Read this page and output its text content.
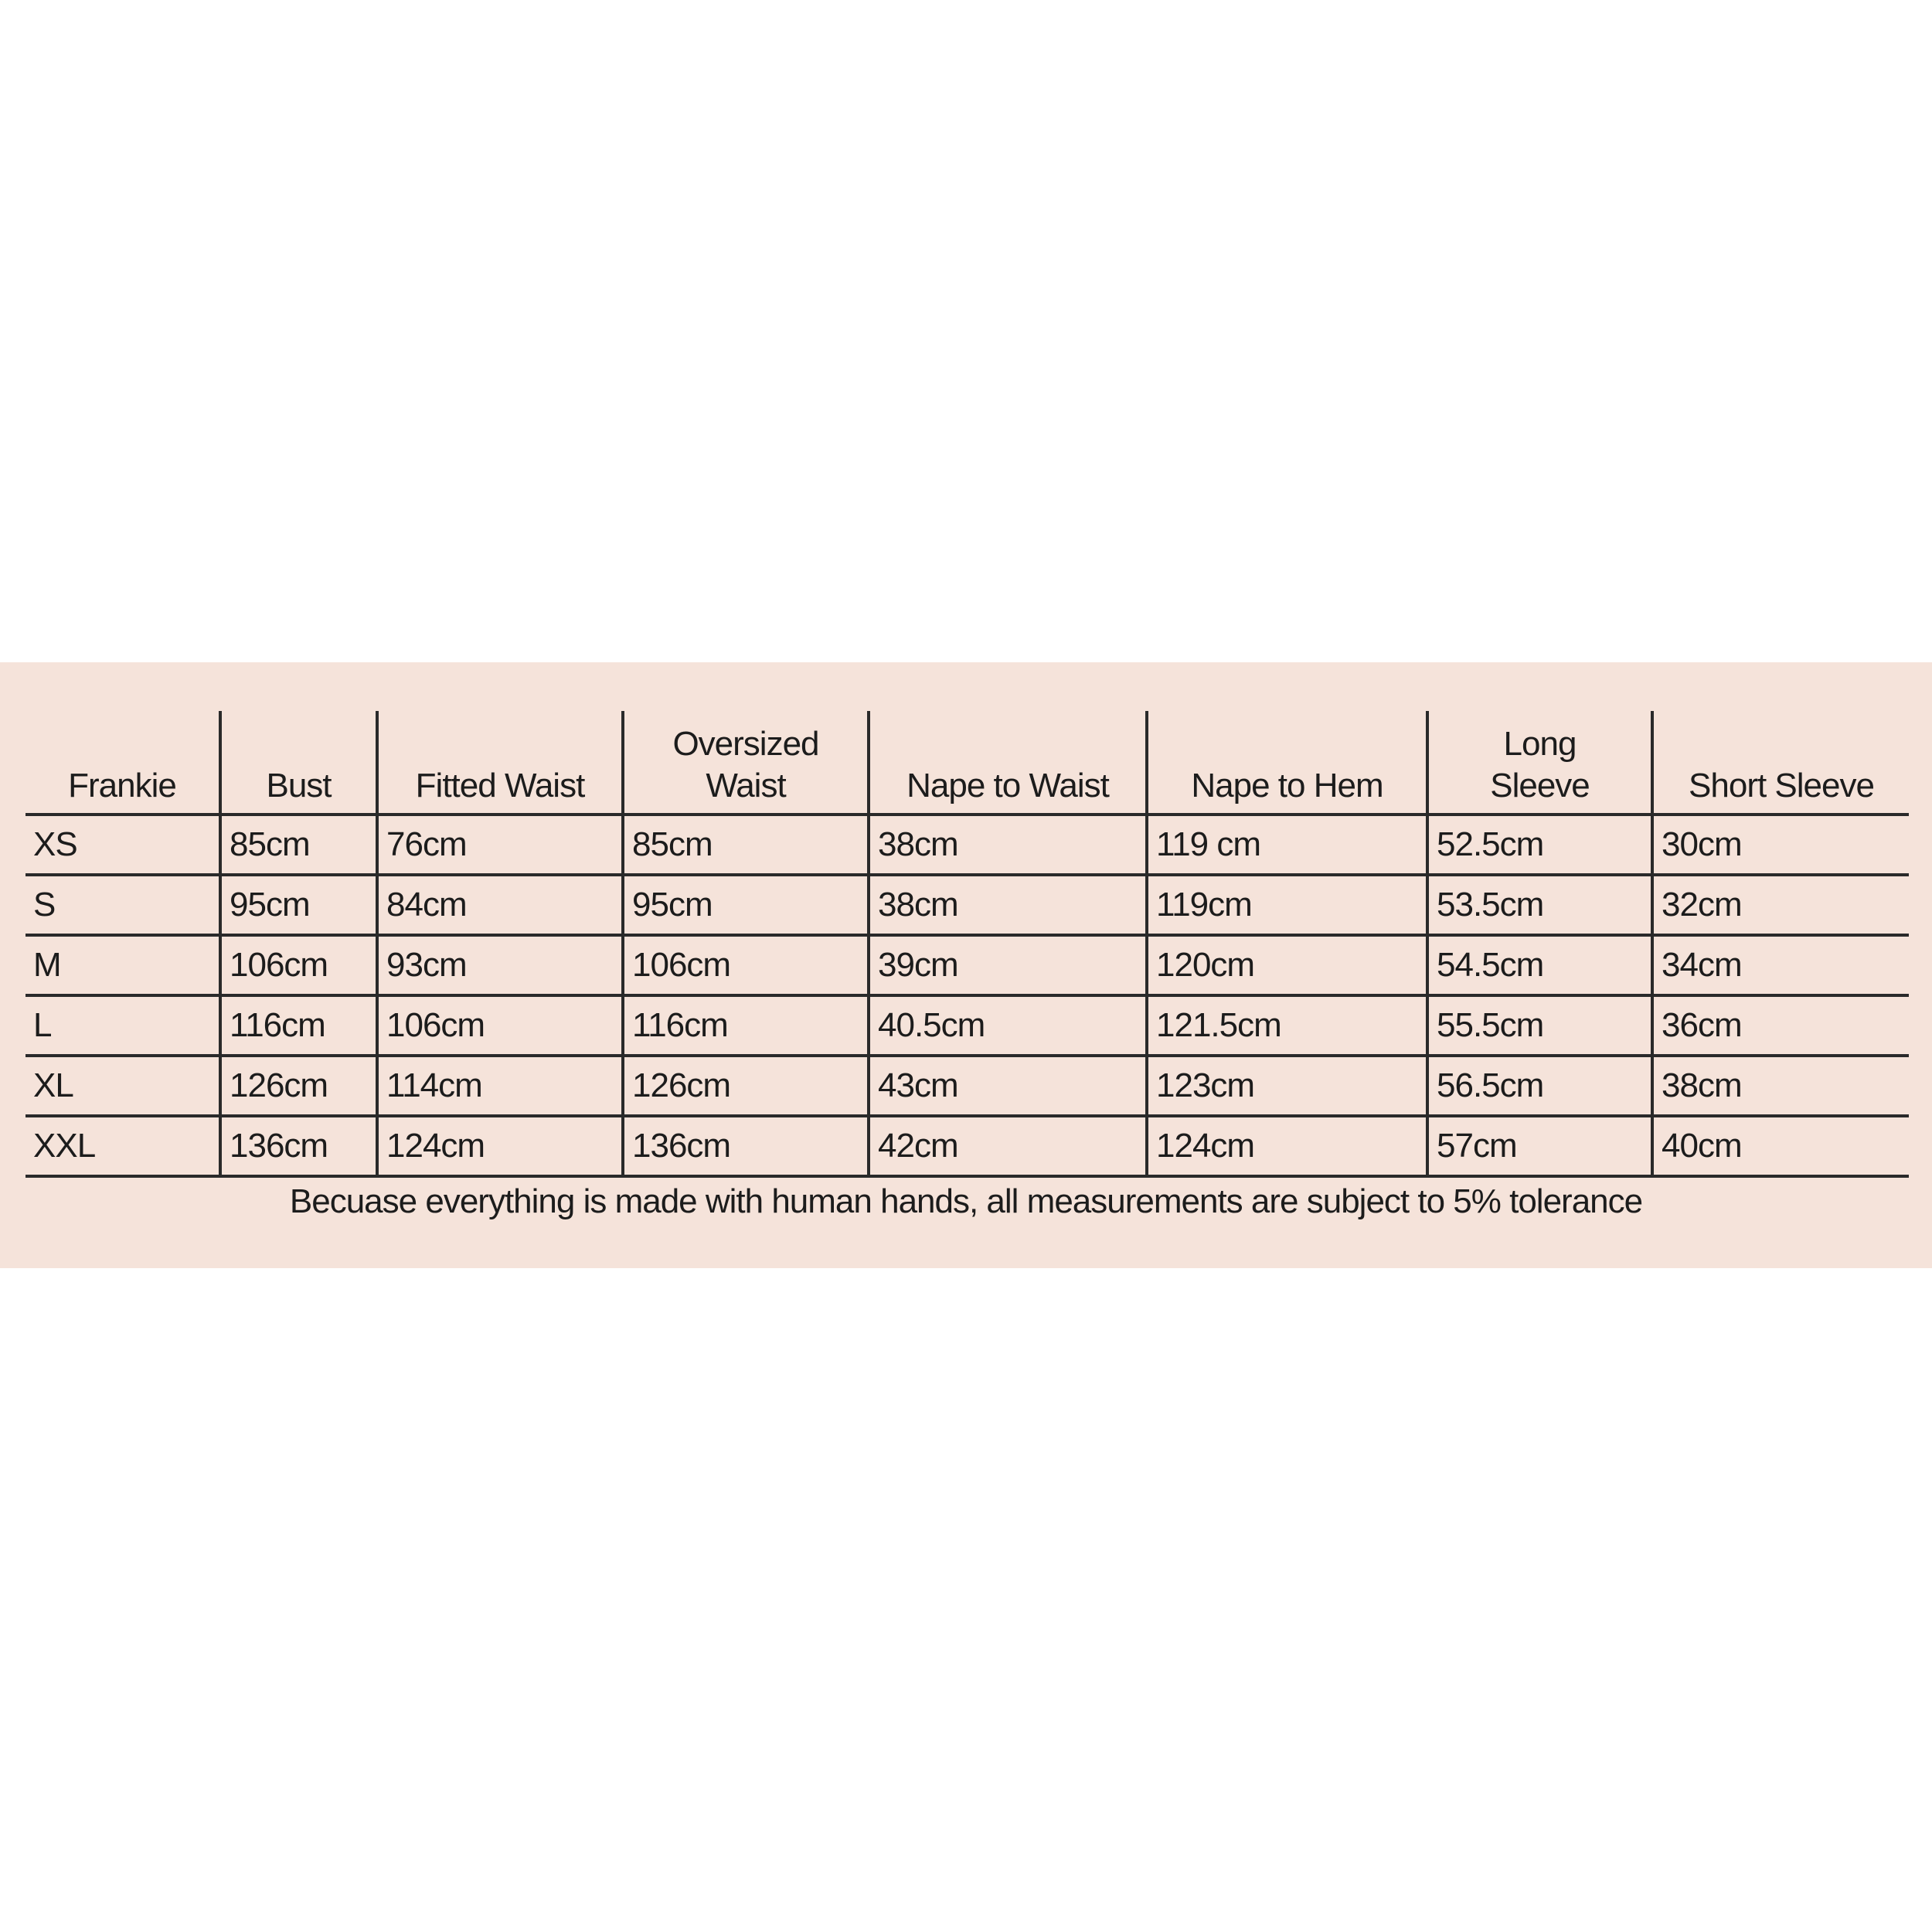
Frankie	Bust	Fitted Waist	Oversized Waist	Nape to Waist	Nape to Hem	Long Sleeve	Short Sleeve
XS	85cm	76cm	85cm	38cm	119 cm	52.5cm	30cm
S	95cm	84cm	95cm	38cm	119cm	53.5cm	32cm
M	106cm	93cm	106cm	39cm	120cm	54.5cm	34cm
L	116cm	106cm	116cm	40.5cm	121.5cm	55.5cm	36cm
XL	126cm	114cm	126cm	43cm	123cm	56.5cm	38cm
XXL	136cm	124cm	136cm	42cm	124cm	57cm	40cm
Becuase everything is made with human hands, all measurements are subject to 5% tolerance
